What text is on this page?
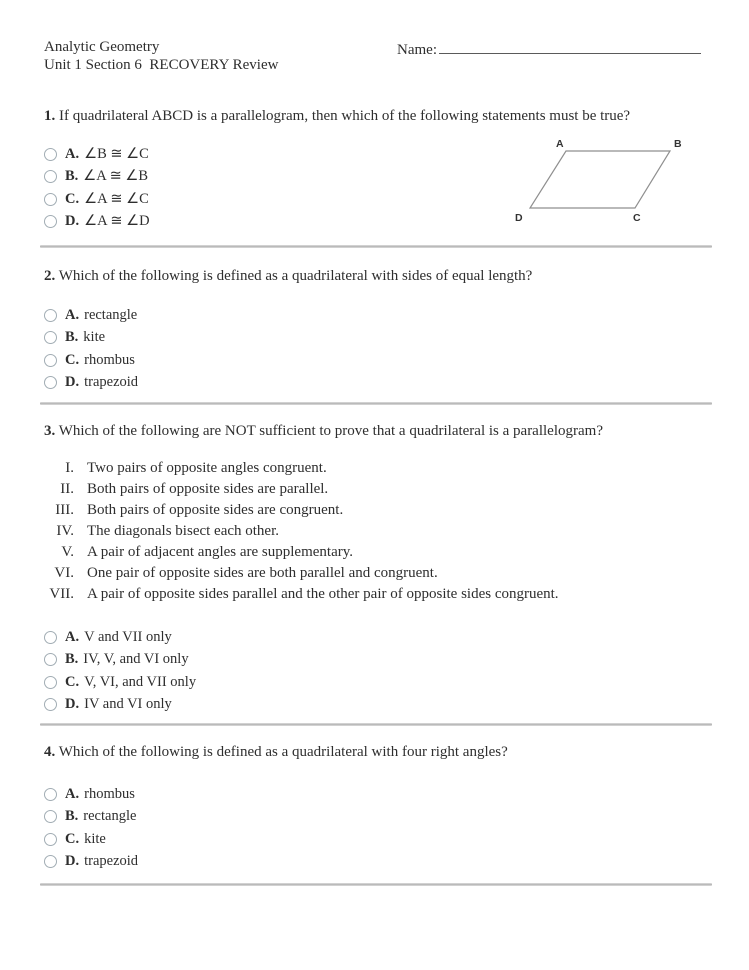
Analytic Geometry
Unit 1 Section 6  RECOVERY Review
Name:
1. If quadrilateral ABCD is a parallelogram, then which of the following statements must be true?
A. ∠B ≅ ∠C
B. ∠A ≅ ∠B
C. ∠A ≅ ∠C
D. ∠A ≅ ∠D
A	B
C
D
2. Which of the following is defined as a quadrilateral with sides of equal length?
A. rectangle
B. kite
C. rhombus
D. trapezoid
3. Which of the following are NOT sufficient to prove that a quadrilateral is a parallelogram?
I. Two pairs of opposite angles congruent.
II. Both pairs of opposite sides are parallel.
III. Both pairs of opposite sides are congruent.
IV. The diagonals bisect each other.
V. A pair of adjacent angles are supplementary.
VI. One pair of opposite sides are both parallel and congruent.
VII. A pair of opposite sides parallel and the other pair of opposite sides congruent.
A. V and VII only
B. IV, V, and VI only
C. V, VI, and VII only
D. IV and VI only
4. Which of the following is defined as a quadrilateral with four right angles?
A. rhombus
B. rectangle
C. kite
D. trapezoid
